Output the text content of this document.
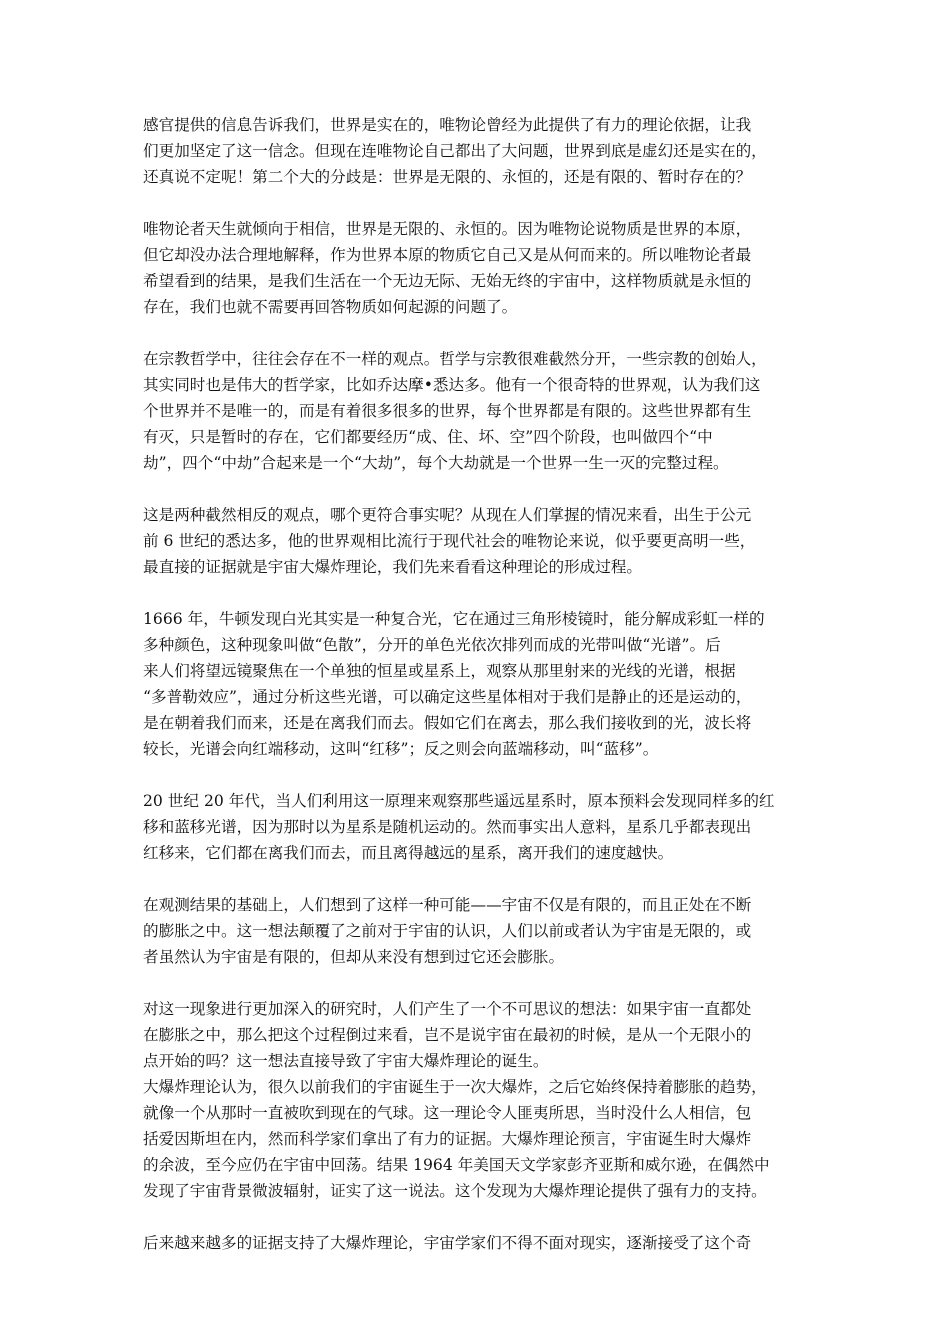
感官提供的信息告诉我们，世界是实在的，唯物论曾经为此提供了有力的理论依据，让我
们更加坚定了这一信念。但现在连唯物论自己都出了大问题，世界到底是虚幻还是实在的，
还真说不定呢！第二个大的分歧是：世界是无限的、永恒的，还是有限的、暂时存在的？

唯物论者天生就倾向于相信，世界是无限的、永恒的。因为唯物论说物质是世界的本原，
但它却没办法合理地解释，作为世界本原的物质它自己又是从何而来的。所以唯物论者最
希望看到的结果，是我们生活在一个无边无际、无始无终的宇宙中，这样物质就是永恒的
存在，我们也就不需要再回答物质如何起源的问题了。

在宗教哲学中，往往会存在不一样的观点。哲学与宗教很难截然分开，一些宗教的创始人，
其实同时也是伟大的哲学家，比如乔达摩•悉达多。他有一个很奇特的世界观，认为我们这
个世界并不是唯一的，而是有着很多很多的世界，每个世界都是有限的。这些世界都有生
有灭，只是暂时的存在，它们都要经历“成、住、坏、空”四个阶段，也叫做四个“中
劫”，四个“中劫”合起来是一个“大劫”，每个大劫就是一个世界一生一灭的完整过程。

这是两种截然相反的观点，哪个更符合事实呢？从现在人们掌握的情况来看，出生于公元
前 6 世纪的悉达多，他的世界观相比流行于现代社会的唯物论来说，似乎要更高明一些，
最直接的证据就是宇宙大爆炸理论，我们先来看看这种理论的形成过程。

1666 年，牛顿发现白光其实是一种复合光，它在通过三角形棱镜时，能分解成彩虹一样的
多种颜色，这种现象叫做“色散”，分开的单色光依次排列而成的光带叫做“光谱”。后
来人们将望远镜聚焦在一个单独的恒星或星系上，观察从那里射来的光线的光谱，根据
“多普勒效应”，通过分析这些光谱，可以确定这些星体相对于我们是静止的还是运动的，
是在朝着我们而来，还是在离我们而去。假如它们在离去，那么我们接收到的光，波长将
较长，光谱会向红端移动，这叫“红移”；反之则会向蓝端移动，叫“蓝移”。

20 世纪 20 年代，当人们利用这一原理来观察那些遥远星系时，原本预料会发现同样多的红
移和蓝移光谱，因为那时以为星系是随机运动的。然而事实出人意料，星系几乎都表现出
红移来，它们都在离我们而去，而且离得越远的星系，离开我们的速度越快。

在观测结果的基础上，人们想到了这样一种可能——宇宙不仅是有限的，而且正处在不断
的膨胀之中。这一想法颠覆了之前对于宇宙的认识，人们以前或者认为宇宙是无限的，或
者虽然认为宇宙是有限的，但却从来没有想到过它还会膨胀。

对这一现象进行更加深入的研究时，人们产生了一个不可思议的想法：如果宇宙一直都处
在膨胀之中，那么把这个过程倒过来看，岂不是说宇宙在最初的时候，是从一个无限小的
点开始的吗？这一想法直接导致了宇宙大爆炸理论的诞生。

大爆炸理论认为，很久以前我们的宇宙诞生于一次大爆炸，之后它始终保持着膨胀的趋势，
就像一个从那时一直被吹到现在的气球。这一理论令人匪夷所思，当时没什么人相信，包
括爱因斯坦在内，然而科学家们拿出了有力的证据。大爆炸理论预言，宇宙诞生时大爆炸
的余波，至今应仍在宇宙中回荡。结果 1964 年美国天文学家彭齐亚斯和威尔逊，在偶然中
发现了宇宙背景微波辐射，证实了这一说法。这个发现为大爆炸理论提供了强有力的支持。

后来越来越多的证据支持了大爆炸理论，宇宙学家们不得不面对现实，逐渐接受了这个奇
